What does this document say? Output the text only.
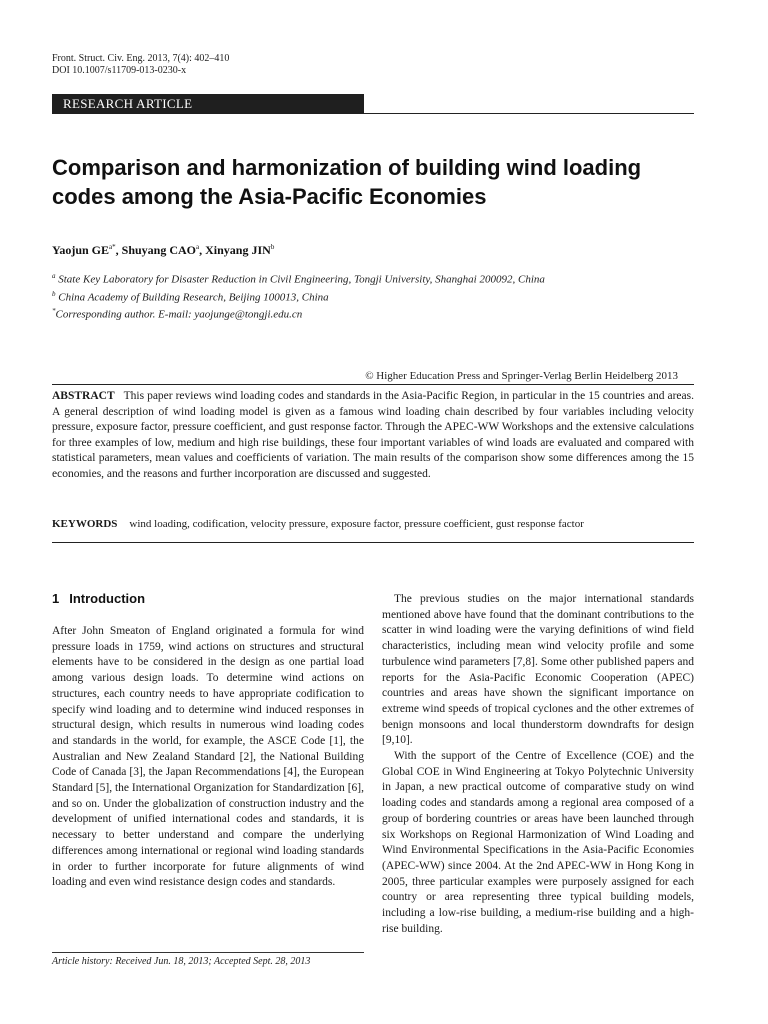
Front. Struct. Civ. Eng. 2013, 7(4): 402–410
DOI 10.1007/s11709-013-0230-x
RESEARCH ARTICLE
Comparison and harmonization of building wind loading codes among the Asia-Pacific Economies
Yaojun $GE^{a*}$, Shuyang CAO$^a$, Xinyang JIN$^b$
$^a$ State Key Laboratory for Disaster Reduction in Civil Engineering, Tongji University, Shanghai 200092, China
$^b$ China Academy of Building Research, Beijing 100013, China
*Corresponding author. E-mail: yaojunge@tongji.edu.cn
© Higher Education Press and Springer-Verlag Berlin Heidelberg 2013
ABSTRACT This paper reviews wind loading codes and standards in the Asia-Pacific Region, in particular in the 15 countries and areas. A general description of wind loading model is given as a famous wind loading chain described by four variables including velocity pressure, exposure factor, pressure coefficient, and gust response factor. Through the APEC-WW Workshops and the extensive calculations for three examples of low, medium and high rise buildings, these four important variables of wind loads are evaluated and compared with statistical parameters, mean values and coefficients of variation. The main results of the comparison show some differences among the 15 economies, and the reasons and further incorporation are discussed and suggested.
KEYWORDS wind loading, codification, velocity pressure, exposure factor, pressure coefficient, gust response factor
1 Introduction

After John Smeaton of England originated a formula for wind pressure loads in 1759, wind actions on structures and structural elements have to be considered in the design as one partial load among various design loads. To determine wind actions on structures, each country needs to have appropriate codification to specify wind loading and to determine wind induced responses in structural design, which results in numerous wind loading codes and standards in the world, for example, the ASCE Code [1], the Australian and New Zealand Standard [2], the National Building Code of Canada [3], the Japan Recommendations [4], the European Standard [5], the International Organization for Standardization [6], and so on. Under the globalization of construction industry and the development of unified international codes and standards, it is necessary to better understand and compare the underlying differences among international or regional wind loading standards in order to further incorporate for future alignments of wind loading and even wind resistance design codes and standards.

The previous studies on the major international standards mentioned above have found that the dominant contributions to the scatter in wind loading were the varying definitions of wind field characteristics, including mean wind velocity profile and some turbulence wind parameters [7,8]. Some other published papers and reports for the Asia-Pacific Economic Cooperation (APEC) countries and areas have shown the significant importance on extreme wind speeds of tropical cyclones and the other extremes of benign monsoons and local thunderstorm downdrafts for design [9,10].

With the support of the Centre of Excellence (COE) and the Global COE in Wind Engineering at Tokyo Polytechnic University in Japan, a new practical outcome of comparative study on wind loading codes and standards among a regional area composed of a group of bordering countries or areas have been launched through six Workshops on Regional Harmonization of Wind Loading and Wind Environmental Specifications in the Asia-Pacific Economies (APEC-WW) since 2004. At the 2nd APEC-WW in Hong Kong in 2005, three particular examples were purposely assigned for each country or area representing three typical building models, including a low-rise building, a medium-rise building and a high-rise building.

Article history: Received Jun. 18, 2013; Accepted Sept. 28, 2013
